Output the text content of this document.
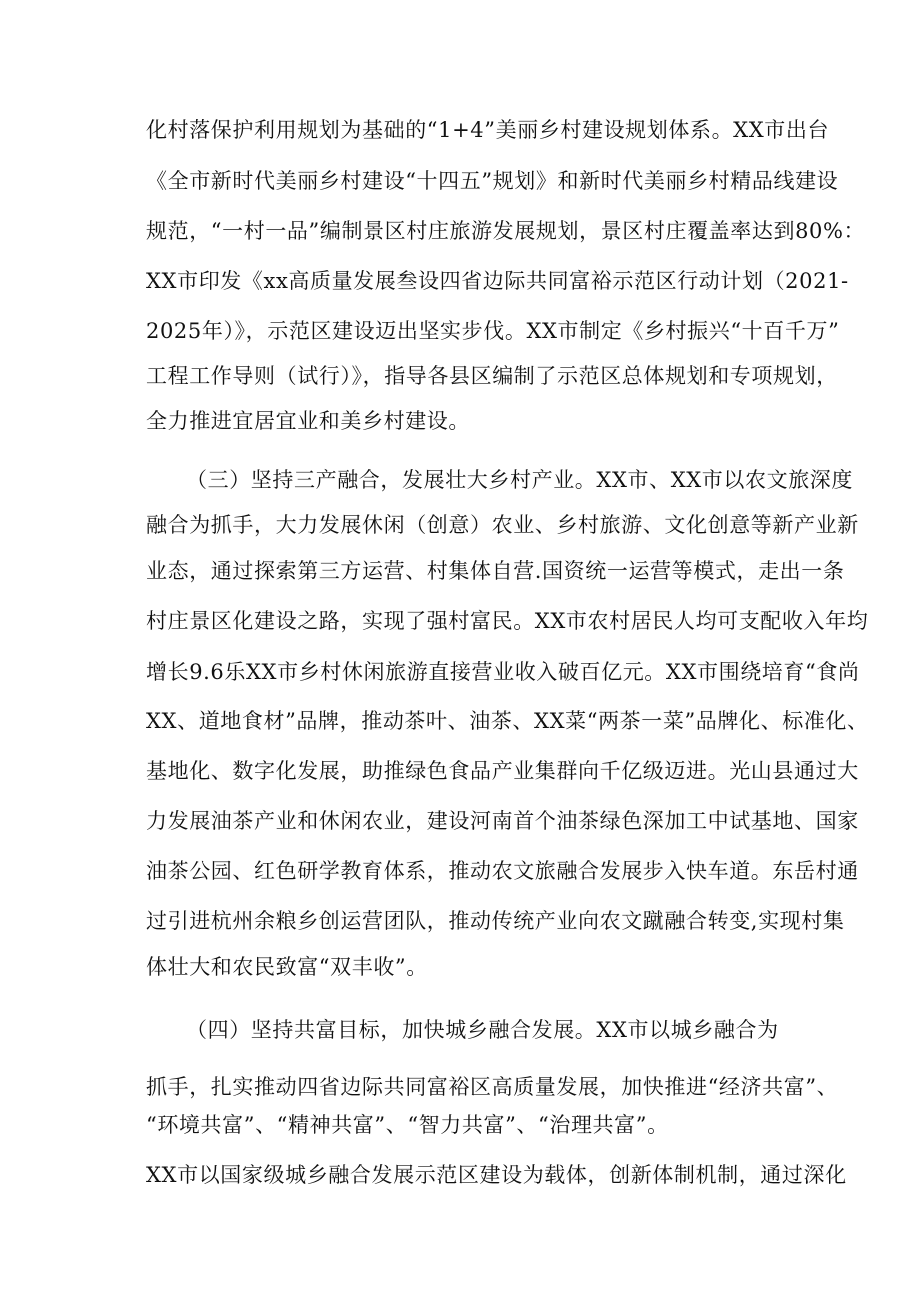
化村落保护利用规划为基础的“1+4”美丽乡村建设规划体系。XX市出台
《全市新时代美丽乡村建设“十四五”规划》和新时代美丽乡村精品线建设
规范，“一村一品”编制景区村庄旅游发展规划，景区村庄覆盖率达到80%：
XX市印发《xx高质量发展叁设四省边际共同富裕示范区行动计划（2021-
2025年）》，示范区建设迈出坚实步伐。XX市制定《乡村振兴“十百千万”
工程工作导则（试行）》，指导各县区编制了示范区总体规划和专项规划，
全力推进宜居宜业和美乡村建设。
（三）坚持三产融合，发展壮大乡村产业。XX市、XX市以农文旅深度
融合为抓手，大力发展休闲（创意）农业、乡村旅游、文化创意等新产业新
业态，通过探索第三方运营、村集体自营.国资统一运营等模式，走出一条
村庄景区化建设之路，实现了强村富民。XX市农村居民人均可支配收入年均
增长9.6乐XX市乡村休闲旅游直接营业收入破百亿元。XX市围绕培育“食尚
XX、道地食材”品牌，推动茶叶、油茶、XX菜“两茶一菜”品牌化、标准化、
基地化、数字化发展，助推绿色食品产业集群向千亿级迈进。光山县通过大
力发展油茶产业和休闲农业，建设河南首个油茶绿色深加工中试基地、国家
油茶公园、红色研学教育体系，推动农文旅融合发展步入快车道。东岳村通
过引进杭州余粮乡创运营团队，推动传统产业向农文蹴融合转变,实现村集
体壮大和农民致富“双丰收”。
（四）坚持共富目标，加快城乡融合发展。XX市以城乡融合为
抓手，扎实推动四省边际共同富裕区高质量发展，加快推进“经济共富”、
“环境共富”、“精神共富”、“智力共富”、“治理共富”。
XX市以国家级城乡融合发展示范区建设为载体，创新体制机制，通过深化
